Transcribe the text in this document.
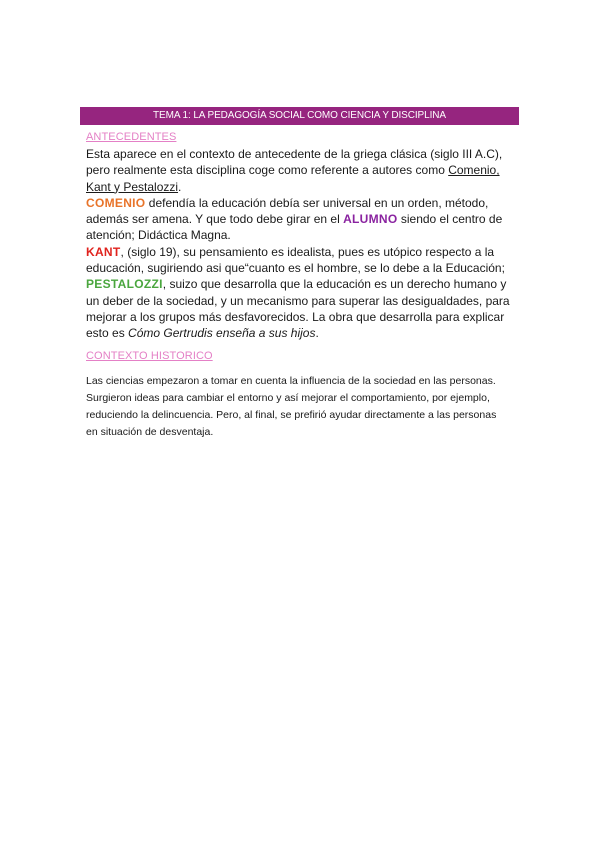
TEMA 1: LA PEDAGOGÍA SOCIAL COMO CIENCIA Y DISCIPLINA
ANTECEDENTES

Esta aparece en el contexto de antecedente de la griega clásica (siglo III A.C), pero realmente esta disciplina coge como referente a autores como Comenio, Kant y Pestalozzi.

COMENIO defendía la educación debía ser universal en un orden, método, además ser amena. Y que todo debe girar en el ALUMNO siendo el centro de atención; Didáctica Magna.

KANT, (siglo 19), su pensamiento es idealista, pues es utópico respecto a la educación, sugiriendo asi que“cuanto es el hombre, se lo debe a la Educación;

PESTALOZZI, suizo que desarrolla que la educación es un derecho humano y un deber de la sociedad, y un mecanismo para superar las desigualdades, para mejorar a los grupos más desfavorecidos. La obra que desarrolla para explicar esto es Cómo Gertrudis enseña a sus hijos.

CONTEXTO HISTORICO

Las ciencias empezaron a tomar en cuenta la influencia de la sociedad en las personas. Surgieron ideas para cambiar el entorno y así mejorar el comportamiento, por ejemplo, reduciendo la delincuencia. Pero, al final, se prefirió ayudar directamente a las personas en situación de desventaja.
